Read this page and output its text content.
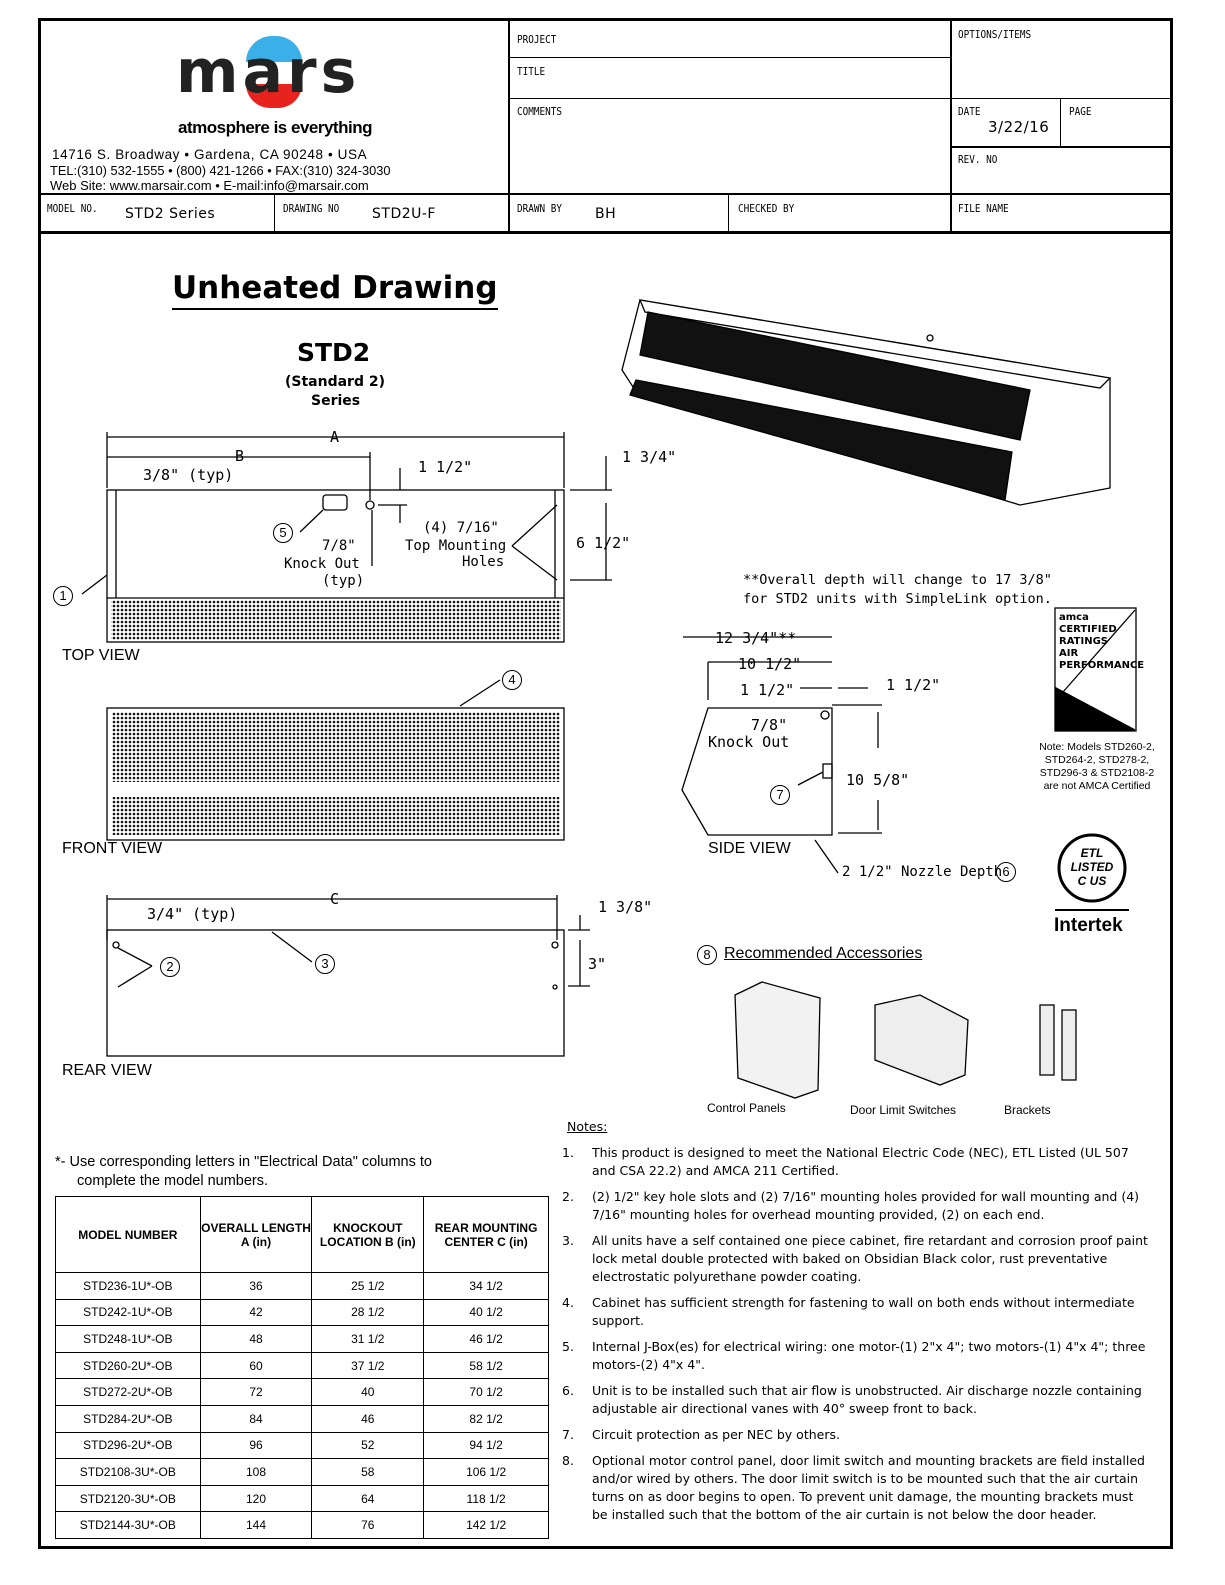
mars
atmosphere is everything
14716 S. Broadway • Gardena, CA 90248 • USA
TEL:(310) 532-1555 • (800) 421-1266 • FAX:(310) 324-3030
Web Site: www.marsair.com • E-mail:info@marsair.com
PROJECT
TITLE
COMMENTS
OPTIONS/ITEMS
DATE
3/22/16
PAGE
REV. NO
MODEL NO. STD2 Series	DRAWING NO STD2U-F	DRAWN BY BH	CHECKED BY	FILE NAME
Unheated Drawing
STD2
(Standard 2)
Series
1
2	3
4
5
6
7
8
A
B
3/8" (typ)	1 1/2"
1 3/4"
6 1/2"
(4) 7/16"
Top Mounting
Holes
7/8"
Knock Out
(typ)
TOP VIEW
FRONT VIEW
C
3/4" (typ)	1 3/8"
3"
REAR VIEW
**Overall depth will change to 17 3/8"
for STD2 units with SimpleLink option.
12 3/4"**
10 1/2"
1 1/2"	1 1/2"
7/8"
Knock Out
10 5/8"
SIDE VIEW
2 1/2" Nozzle Depth
amca CERTIFIED RATINGS AIR PERFORMANCE
Note: Models STD260-2,
STD264-2, STD278-2,
STD296-3 & STD2108-2
are not AMCA Certified
ETL LISTED C US
Intertek
Recommended Accessories
Control Panels	Door Limit Switches	Brackets
*- Use corresponding letters in "Electrical Data" columns to
complete the model numbers.
MODEL NUMBER	OVERALL LENGTH A (in)	KNOCKOUT LOCATION B (in)	REAR MOUNTING CENTER C (in)
STD236-1U*-OB	36	25 1/2	34 1/2
STD242-1U*-OB	42	28 1/2	40 1/2
STD248-1U*-OB	48	31 1/2	46 1/2
STD260-2U*-OB	60	37 1/2	58 1/2
STD272-2U*-OB	72	40	70 1/2
STD284-2U*-OB	84	46	82 1/2
STD296-2U*-OB	96	52	94 1/2
STD2108-3U*-OB	108	58	106 1/2
STD2120-3U*-OB	120	64	118 1/2
STD2144-3U*-OB	144	76	142 1/2
Notes:
1.	This product is designed to meet the National Electric Code (NEC), ETL Listed (UL 507 and CSA 22.2) and AMCA 211 Certified.
2.	(2) 1/2" key hole slots and (2) 7/16" mounting holes provided for wall mounting and (4) 7/16" mounting holes for overhead mounting provided, (2) on each end.
3.	All units have a self contained one piece cabinet, fire retardant and corrosion proof paint lock metal double protected with baked on Obsidian Black color, rust preventative electrostatic polyurethane powder coating.
4.	Cabinet has sufficient strength for fastening to wall on both ends without intermediate support.
5.	Internal J-Box(es) for electrical wiring: one motor-(1) 2"x 4"; two motors-(1) 4"x 4"; three motors-(2) 4"x 4".
6.	Unit is to be installed such that air flow is unobstructed. Air discharge nozzle containing adjustable air directional vanes with 40° sweep front to back.
7.	Circuit protection as per NEC by others.
8.	Optional motor control panel, door limit switch and mounting brackets are field installed and/or wired by others. The door limit switch is to be mounted such that the air curtain turns on as door begins to open. To prevent unit damage, the mounting brackets must be installed such that the bottom of the air curtain is not below the door header.
